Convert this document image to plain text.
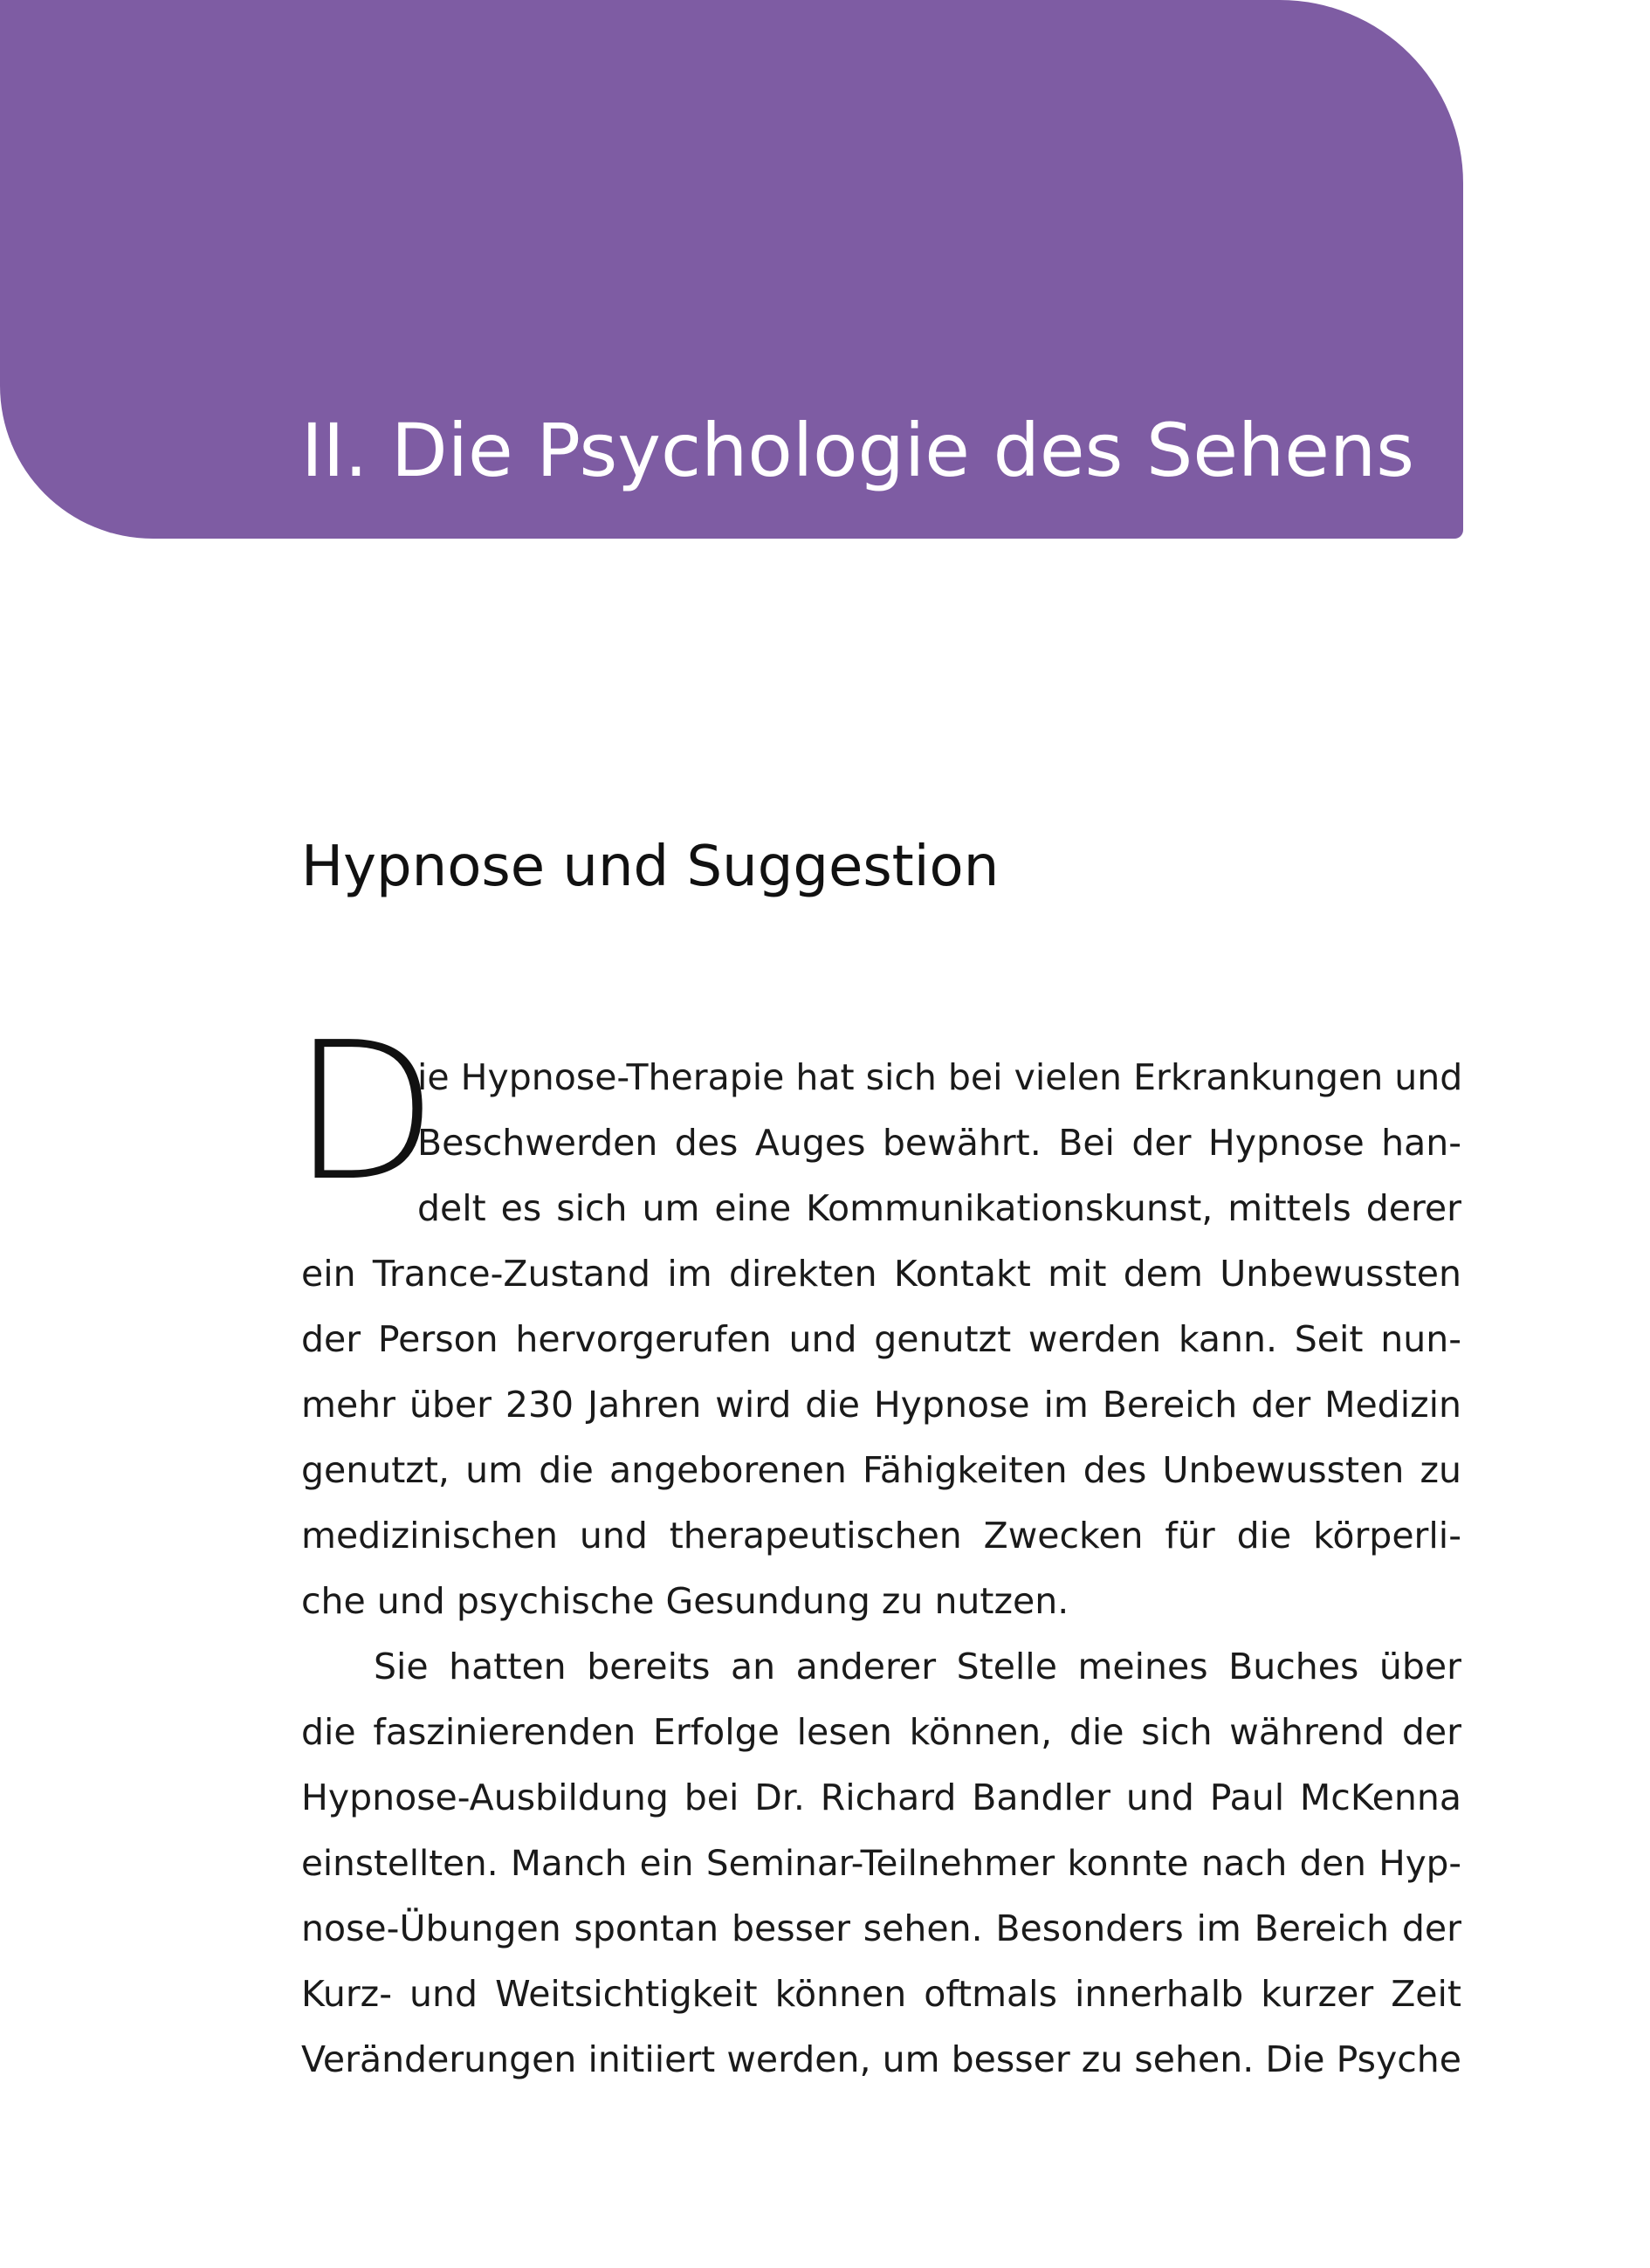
II. Die Psychologie des Sehens
Hypnose und Suggestion
D
ie Hypnose-Therapie hat sich bei vielen Erkrankungen und
Beschwerden des Auges bewährt. Bei der Hypnose han-
delt es sich um eine Kommunikationskunst, mittels derer
ein Trance-Zustand im direkten Kontakt mit dem Unbewussten
der Person hervorgerufen und genutzt werden kann. Seit nun-
mehr über 230 Jahren wird die Hypnose im Bereich der Medizin
genutzt, um die angeborenen Fähigkeiten des Unbewussten zu
medizinischen und therapeutischen Zwecken für die körperli-
che und psychische Gesundung zu nutzen.
Sie hatten bereits an anderer Stelle meines Buches über
die faszinierenden Erfolge lesen können, die sich während der
Hypnose-Ausbildung bei Dr. Richard Bandler und Paul McKenna
einstellten. Manch ein Seminar-Teilnehmer konnte nach den Hyp-
nose-Übungen spontan besser sehen. Besonders im Bereich der
Kurz- und Weitsichtigkeit können oftmals innerhalb kurzer Zeit
Veränderungen initiiert werden, um besser zu sehen. Die Psyche
